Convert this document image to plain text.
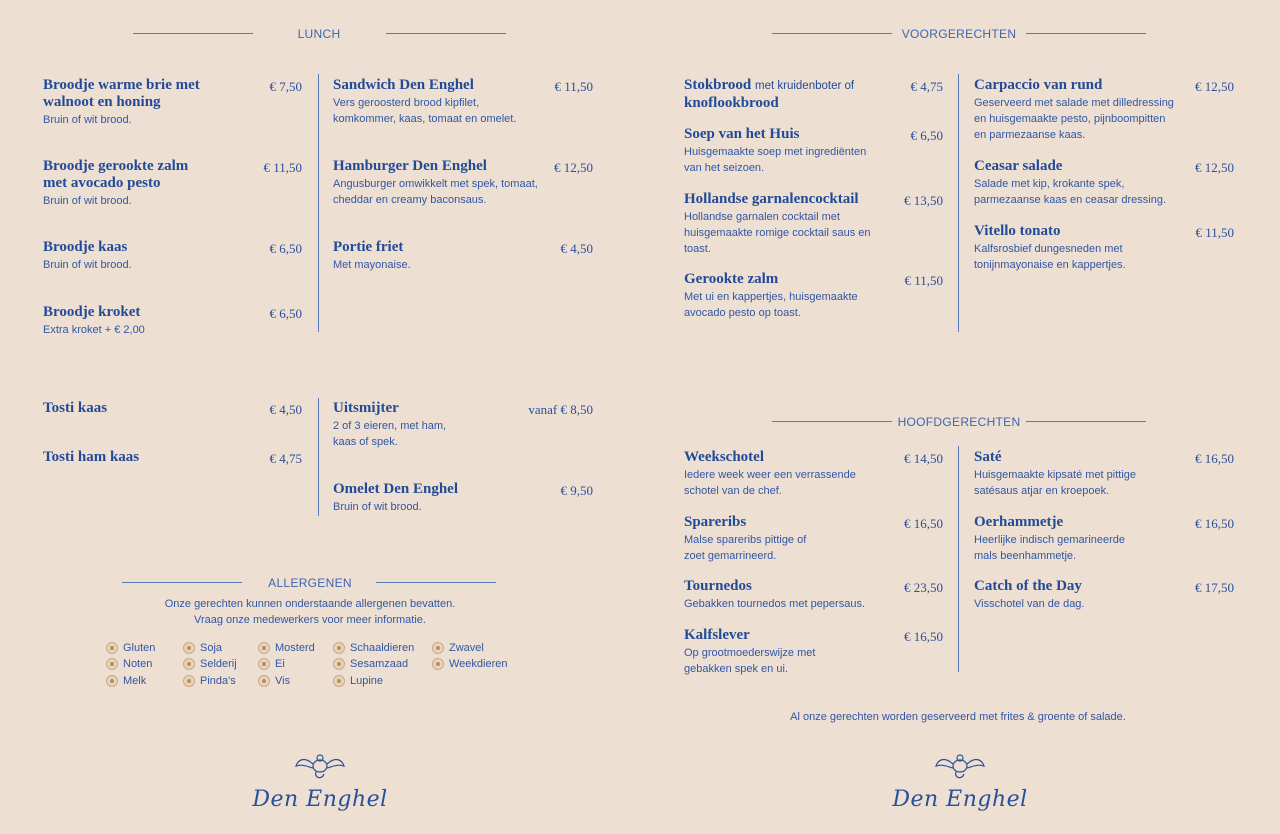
LUNCH
Broodje warme brie met walnoot en honing
Bruin of wit brood.
€ 7,50
Broodje gerookte zalm met avocado pesto
Bruin of wit brood.
€ 11,50
Broodje kaas
Bruin of wit brood.
€ 6,50
Broodje kroket
Extra kroket + € 2,00
€ 6,50
Sandwich Den Enghel
Vers geroosterd brood kipfilet, komkommer, kaas, tomaat en omelet.
€ 11,50
Hamburger Den Enghel
Angusburger omwikkelt met spek, tomaat, cheddar en creamy baconsaus.
€ 12,50
Portie friet
Met mayonaise.
€ 4,50
Tosti kaas	€ 4,50
Tosti ham kaas	€ 4,75
Uitsmijter
2 of 3 eieren, met ham, kaas of spek.
vanaf € 8,50
Omelet Den Enghel
Bruin of wit brood.
€ 9,50
ALLERGENEN
Onze gerechten kunnen onderstaande allergenen bevatten.
Vraag onze medewerkers voor meer informatie.
Gluten
Noten
Melk
Soja
Selderij
Pinda's
Mosterd
Ei
Vis
Schaaldieren
Sesamzaad
Lupine
Zwavel
Weekdieren
Den Enghel
VOORGERECHTEN
Stokbrood met kruidenboter of knoflookbrood
€ 4,75
Soep van het Huis
Huisgemaakte soep met ingrediënten van het seizoen.
€ 6,50
Hollandse garnalencocktail
Hollandse garnalen cocktail met huisgemaakte romige cocktail saus en toast.
€ 13,50
Gerookte zalm
Met ui en kappertjes, huisgemaakte avocado pesto op toast.
€ 11,50
Carpaccio van rund
Geserveerd met salade met dilledressing en huisgemaakte pesto, pijnboompitten en parmezaanse kaas.
€ 12,50
Ceasar salade
Salade met kip, krokante spek, parmezaanse kaas en ceasar dressing.
€ 12,50
Vitello tonato
Kalfsrosbief dungesneden met tonijnmayonaise en kappertjes.
€ 11,50
HOOFDGERECHTEN
Weekschotel
Iedere week weer een verrassende schotel van de chef.
€ 14,50
Spareribs
Malse spareribs pittige of zoet gemarrineerd.
€ 16,50
Tournedos
Gebakken tournedos met pepersaus.
€ 23,50
Kalfslever
Op grootmoederswijze met gebakken spek en ui.
€ 16,50
Saté
Huisgemaakte kipsaté met pittige satésaus atjar en kroepoek.
€ 16,50
Oerhammetje
Heerlijke indisch gemarineerde mals beenhammetje.
€ 16,50
Catch of the Day
Visschotel van de dag.
€ 17,50
Al onze gerechten worden geserveerd met frites & groente of salade.
Den Enghel
